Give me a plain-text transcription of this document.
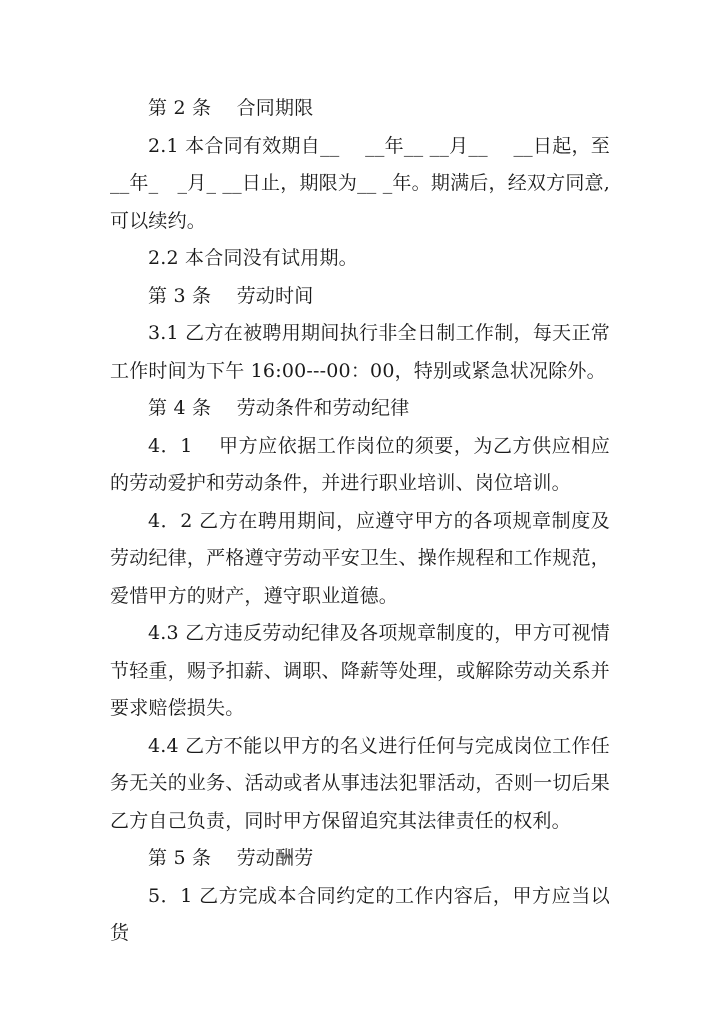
第 2 条　 合同期限

2.1 本合同有效期自__　 __年__ __月__　 __日起，至__年_　_月_ __日止，期限为__ _年。期满后，经双方同意,可以续约。

2.2 本合同没有试用期。

第 3 条　 劳动时间

3.1 乙方在被聘用期间执行非全日制工作制，每天正常工作时间为下午 16:00---00：00，特别或紧急状况除外。

第 4 条　 劳动条件和劳动纪律

4．1　 甲方应依据工作岗位的须要，为乙方供应相应的劳动爱护和劳动条件，并进行职业培训、岗位培训。

4．2 乙方在聘用期间，应遵守甲方的各项规章制度及劳动纪律，严格遵守劳动平安卫生、操作规程和工作规范，爱惜甲方的财产，遵守职业道德。

4.3 乙方违反劳动纪律及各项规章制度的，甲方可视情节轻重，赐予扣薪、调职、降薪等处理，或解除劳动关系并要求赔偿损失。

4.4 乙方不能以甲方的名义进行任何与完成岗位工作任务无关的业务、活动或者从事违法犯罪活动，否则一切后果乙方自己负责，同时甲方保留追究其法律责任的权利。

第 5 条　 劳动酬劳

5．1 乙方完成本合同约定的工作内容后，甲方应当以货
